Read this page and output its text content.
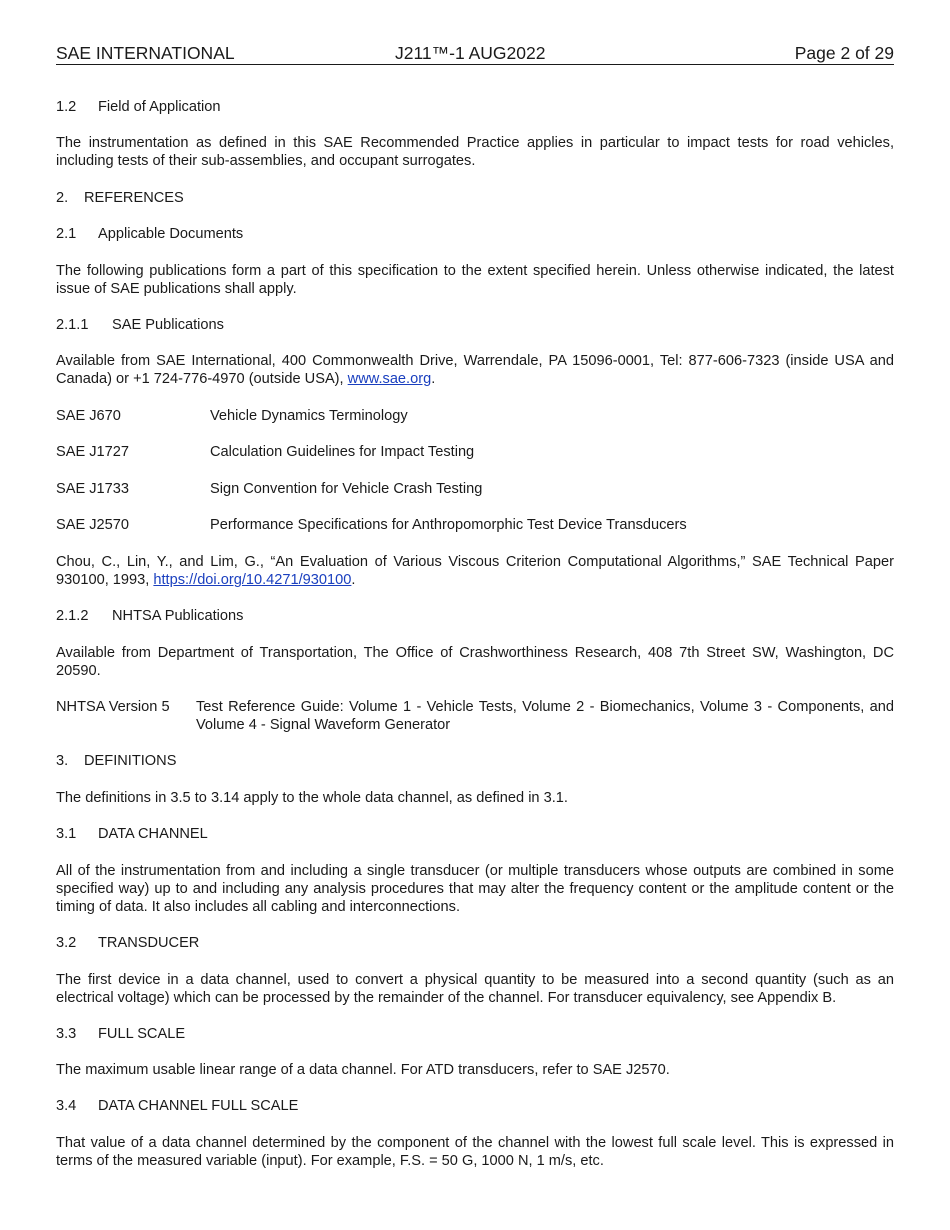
SAE INTERNATIONAL	J211™-1 AUG2022	Page 2 of 29
1.2 Field of Application
The instrumentation as defined in this SAE Recommended Practice applies in particular to impact tests for road vehicles, including tests of their sub-assemblies, and occupant surrogates.
2. REFERENCES
2.1 Applicable Documents
The following publications form a part of this specification to the extent specified herein. Unless otherwise indicated, the latest issue of SAE publications shall apply.
2.1.1 SAE Publications
Available from SAE International, 400 Commonwealth Drive, Warrendale, PA 15096-0001, Tel: 877-606-7323 (inside USA and Canada) or +1 724-776-4970 (outside USA), www.sae.org.
SAE J670	Vehicle Dynamics Terminology
SAE J1727	Calculation Guidelines for Impact Testing
SAE J1733	Sign Convention for Vehicle Crash Testing
SAE J2570	Performance Specifications for Anthropomorphic Test Device Transducers
Chou, C., Lin, Y., and Lim, G., “An Evaluation of Various Viscous Criterion Computational Algorithms,” SAE Technical Paper 930100, 1993, https://doi.org/10.4271/930100.
2.1.2 NHTSA Publications
Available from Department of Transportation, The Office of Crashworthiness Research, 408 7th Street SW, Washington, DC 20590.
NHTSA Version 5 Test Reference Guide: Volume 1 - Vehicle Tests, Volume 2 - Biomechanics, Volume 3 - Components, and Volume 4 - Signal Waveform Generator
3. DEFINITIONS
The definitions in 3.5 to 3.14 apply to the whole data channel, as defined in 3.1.
3.1 DATA CHANNEL
All of the instrumentation from and including a single transducer (or multiple transducers whose outputs are combined in some specified way) up to and including any analysis procedures that may alter the frequency content or the amplitude content or the timing of data. It also includes all cabling and interconnections.
3.2 TRANSDUCER
The first device in a data channel, used to convert a physical quantity to be measured into a second quantity (such as an electrical voltage) which can be processed by the remainder of the channel. For transducer equivalency, see Appendix B.
3.3 FULL SCALE
The maximum usable linear range of a data channel. For ATD transducers, refer to SAE J2570.
3.4 DATA CHANNEL FULL SCALE
That value of a data channel determined by the component of the channel with the lowest full scale level. This is expressed in terms of the measured variable (input). For example, F.S. = 50 G, 1000 N, 1 m/s, etc.
